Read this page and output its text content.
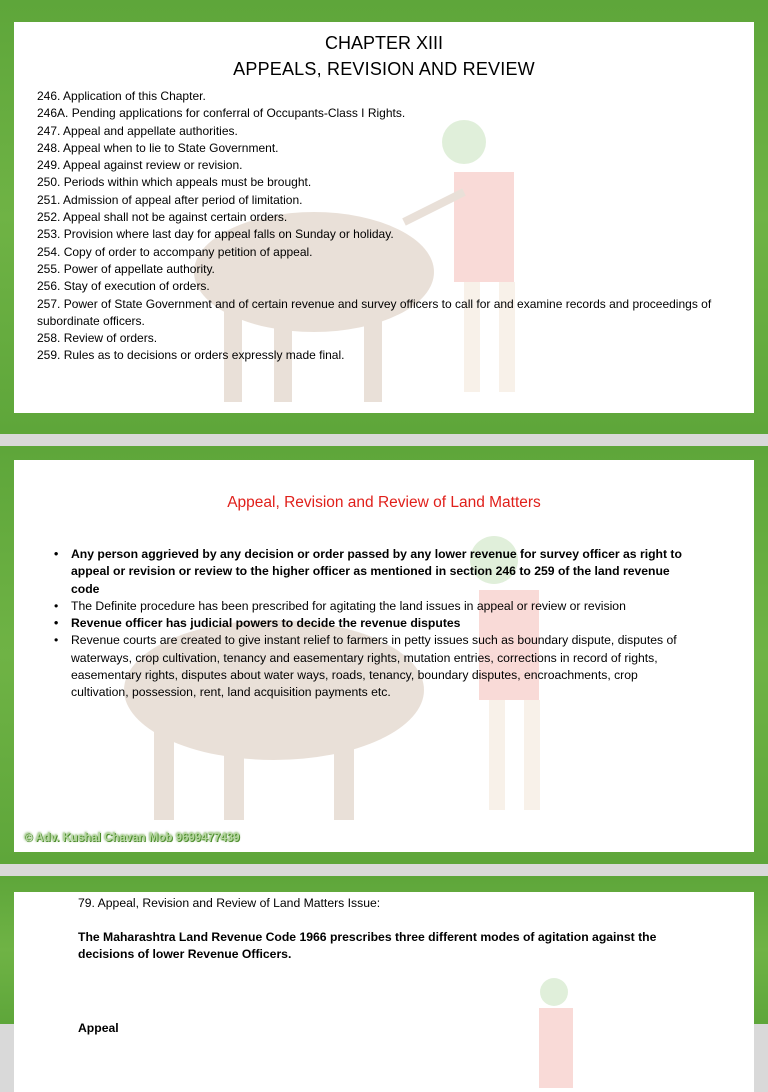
CHAPTER XIII
APPEALS, REVISION AND REVIEW
246. Application of this Chapter.
246A. Pending applications for conferral of Occupants-Class I Rights.
247. Appeal and appellate authorities.
248. Appeal when to lie to State Government.
249. Appeal against review or revision.
250. Periods within which appeals must be brought.
251. Admission of appeal after period of limitation.
252. Appeal shall not be against certain orders.
253. Provision where last day for appeal falls on Sunday or holiday.
254. Copy of order to accompany petition of appeal.
255. Power of appellate authority.
256. Stay of execution of orders.
257. Power of State Government and of certain revenue and survey officers to call for and examine records and proceedings of subordinate officers.
258. Review of orders.
259. Rules as to decisions or orders expressly made final.
Appeal, Revision and Review of Land Matters
• Any person aggrieved by any decision or order passed by any lower revenue for survey officer as right to appeal or revision or review to the higher officer as mentioned in section 246 to 259 of the land revenue code
• The Definite procedure has been prescribed for agitating the land issues in appeal or review or revision
• Revenue officer has judicial powers to decide the revenue disputes
• Revenue courts are created to give instant relief to farmers in petty issues such as boundary dispute, disputes of waterways, crop cultivation, tenancy and easementary rights, mutation entries, corrections in record of rights, easementary rights, disputes about water ways, roads, tenancy, boundary disputes, encroachments, crop cultivation, possession, rent, land acquisition payments etc.
© Adv. Kushal Chavan Mob 9699477439
79. Appeal, Revision and Review of Land Matters Issue:
The Maharashtra Land Revenue Code 1966 prescribes three different modes of agitation against the decisions of lower Revenue Officers.
Appeal
